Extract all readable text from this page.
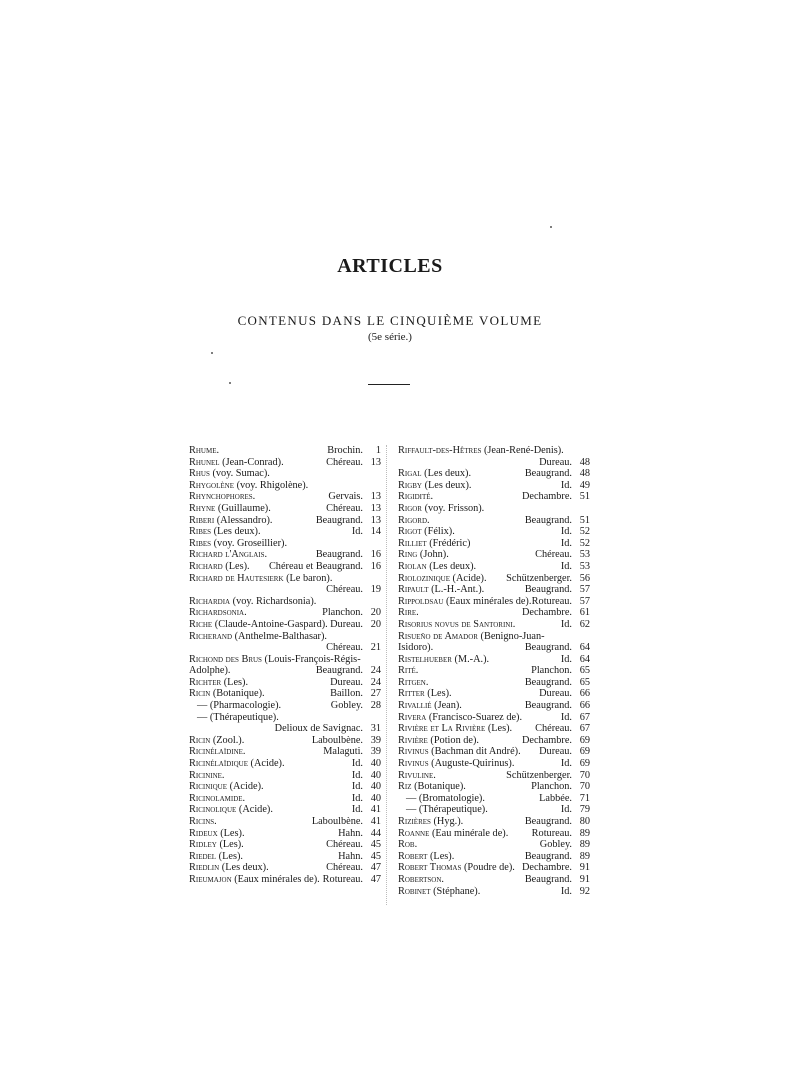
ARTICLES
CONTENUS DANS LE CINQUIÈME VOLUME
(5e série.)
Rhume.	Brochin.	1
Rhunel (Jean-Conrad).	Chéreau. 13
Rhus (voy. Sumac).
Rhygolène (voy. Rhigolène).
Rhynchophores.	Gervais. 13
Rhyne (Guillaume).	Chéreau. 13
Riberi (Alessandro).	Beaugrand. 13
Ribes (Les deux).	Id. 14
Ribes (voy. Groseillier).
Richard l'Anglais.	Beaugrand. 16
Richard (Les). Chéreau et Beaugrand. 16
Richard de Hautesierk (Le baron).
Chéreau. 19
Richardia (voy. Richardsonia).
Richardsonia.	Planchon. 20
Riche (Claude-Antoine-Gaspard). Dureau. 20
Richerand (Anthelme-Balthasar).
Chéreau. 21
Richond des Brus (Louis-François-Régis-Adolphe).	Beaugrand. 24
Richter (Les).	Dureau. 24
Ricin (Botanique).	Baillon. 27
— (Pharmacologie).	Gobley. 28
— (Thérapeutique).
Delioux de Savignac. 31
Ricin (Zool.).	Laboulbène. 39
Ricinélaïdine.	Malaguti. 39
Ricinélaïdique (Acide).	Id. 40
Ricinine.	Id. 40
Ricinique (Acide).	Id. 40
Ricinolamide.	Id. 40
Ricinolique (Acide).	Id. 41
Ricins.	Laboulbène. 41
Rideux (Les).	Hahn. 44
Ridley (Les).	Chéreau. 45
Riedel (Les).	Hahn. 45
Riedlin (Les deux).	Chéreau. 47
Rieumajon (Eaux minérales de). Rotureau. 47
Riffault-des-Hêtres (Jean-René-Denis).
Dureau. 48
Rigal (Les deux).	Beaugrand. 48
Rigby (Les deux).	Id. 49
Rigidité.	Dechambre. 51
Rigor (voy. Frisson).
Rigord.	Beaugrand. 51
Rigot (Félix).	Id. 52
Rilliet (Frédéric)	Id. 52
Ring (John).	Chéreau. 53
Riolan (Les deux).	Id. 53
Riolozinique (Acide). Schützenberger. 56
Ripault (L.-H.-Ant.).	Beaugrand. 57
Rippoldsau (Eaux minérales de). Rotureau. 57
Rire.	Dechambre. 61
Risorius novus de Santorini.	Id. 62
Risueño de Amador (Benigno-Juan-Isidoro).	Beaugrand. 64
Ristelhueber (M.-A.).	Id. 64
Rité.	Planchon. 65
Ritgen.	Beaugrand. 65
Ritter (Les).	Dureau. 66
Rivallié (Jean).	Beaugrand. 66
Rivera (Francisco-Suarez de).	Id. 67
Rivière et La Rivière (Les). Chéreau. 67
Rivière (Potion de).	Dechambre. 69
Rivinus (Bachman dit André). Dureau. 69
Rivinus (Auguste-Quirinus).	Id. 69
Rivuline.	Schützenberger. 70
Riz (Botanique).	Planchon. 70
— (Bromatologie).	Labbée. 71
— (Thérapeutique).	Id. 79
Rizières (Hyg.).	Beaugrand. 80
Roanne (Eau minérale de). Rotureau. 89
Rob.	Gobley. 89
Robert (Les).	Beaugrand. 89
Robert Thomas (Poudre de). Dechambre. 91
Robertson.	Beaugrand. 91
Robinet (Stéphane).	Id. 92
